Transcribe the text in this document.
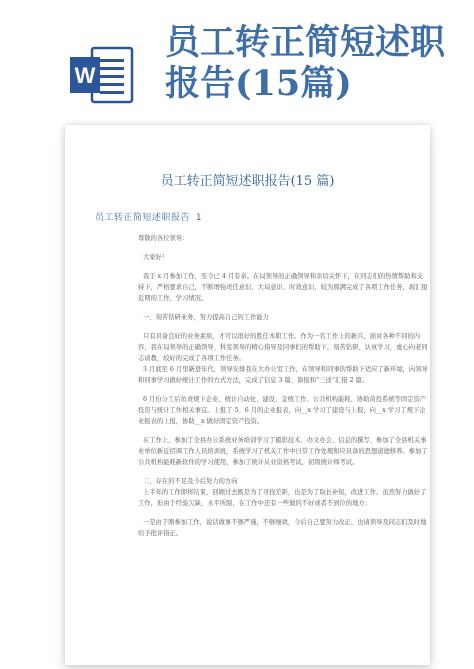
W
员工转正简短述职
报告(15篇)
员工转正简短述职报告(15 篇)
员工转正简短述职报告 1

尊敬的各位领导：

大家好！

我于 x 月参加工作，至今已 4 月有余。在局领导的正确领导和亲切关怀下，在同志们的热情帮助和支持下，严格要求自己，不断增强责任意识、大局意识、时效意识，较为圆满完成了各项工作任务，现汇报近期的工作、学习情况。

一、刻苦钻研业务，努力提高自己的工作能力

只有具备良好的业务素质，才可以很好的胜任本职工作。作为一名工作上的新兵，面对各种不同的内容，我在局领导的正确领导、科室领导的精心指导及同事们的帮助下，刻苦钻研、认真学习，虚心向老同志请教，较好的完成了各项工作任务。

3 月底至 6 月里新进年代，领导安排我在大办公室工作，在领导和同事的帮助下适应了新环境，向领导和同事学习做好统计工作的方式方法，完成了信息 3 篇、简报和“三送”汇报 2 篇。

6 月份分工后负责规下企业、统计自动化、建设、金统工作、公共机构能耗、协助黄投系统等固定资产投资与统计工作相关事宜。上报了 5、6 月的企业报表，向__x 学习了建设与上报，向__x 学习了规下企业报表的上报，协助__x 做好固定资产投资。

在工作上，参加了全县办公系统业务培训学习了摄影技术、办文办会、信息的撰写、参加了全县机关事业单位新近招调工作人员培训班，系统学习了机关工作中日常工作处理和应具备的思想道德修养。参加了公共机构能耗新软件的学习使用，参加了统计从业资格考试，初级统计师考试。

二、存在的不足及今后努力的方向

上半年的工作即将结束，回顾过去既是为了寻找差距，也是为了取长补短，改进工作。虽然努力做好了工作，但由于经验欠缺，水平所限，在工作中还有一些做的不好或者不到位的地方：

一是由于刚参加工作，说话做事不够严谨，不够细致，今后自己要努力改正，也请领导及同志们及时地给予批评指正。
